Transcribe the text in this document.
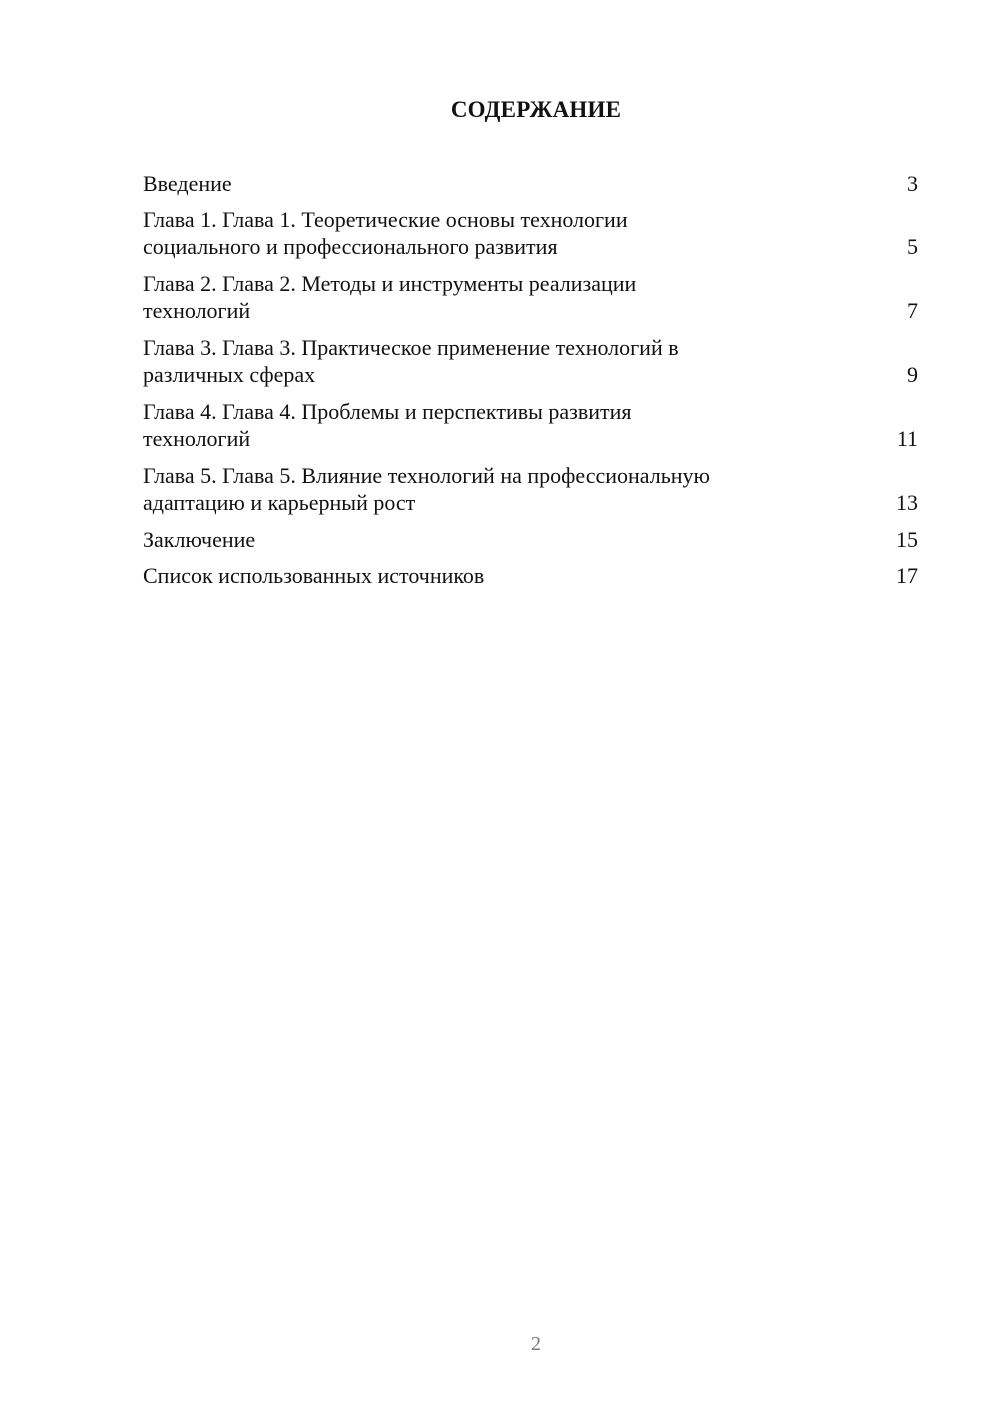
СОДЕРЖАНИЕ
Введение	3
Глава 1. Глава 1. Теоретические основы технологии
социального и профессионального развития	5
Глава 2. Глава 2. Методы и инструменты реализации
технологий	7
Глава 3. Глава 3. Практическое применение технологий в
различных сферах	9
Глава 4. Глава 4. Проблемы и перспективы развития
технологий	11
Глава 5. Глава 5. Влияние технологий на профессиональную
адаптацию и карьерный рост	13
Заключение	15
Список использованных источников	17
2
